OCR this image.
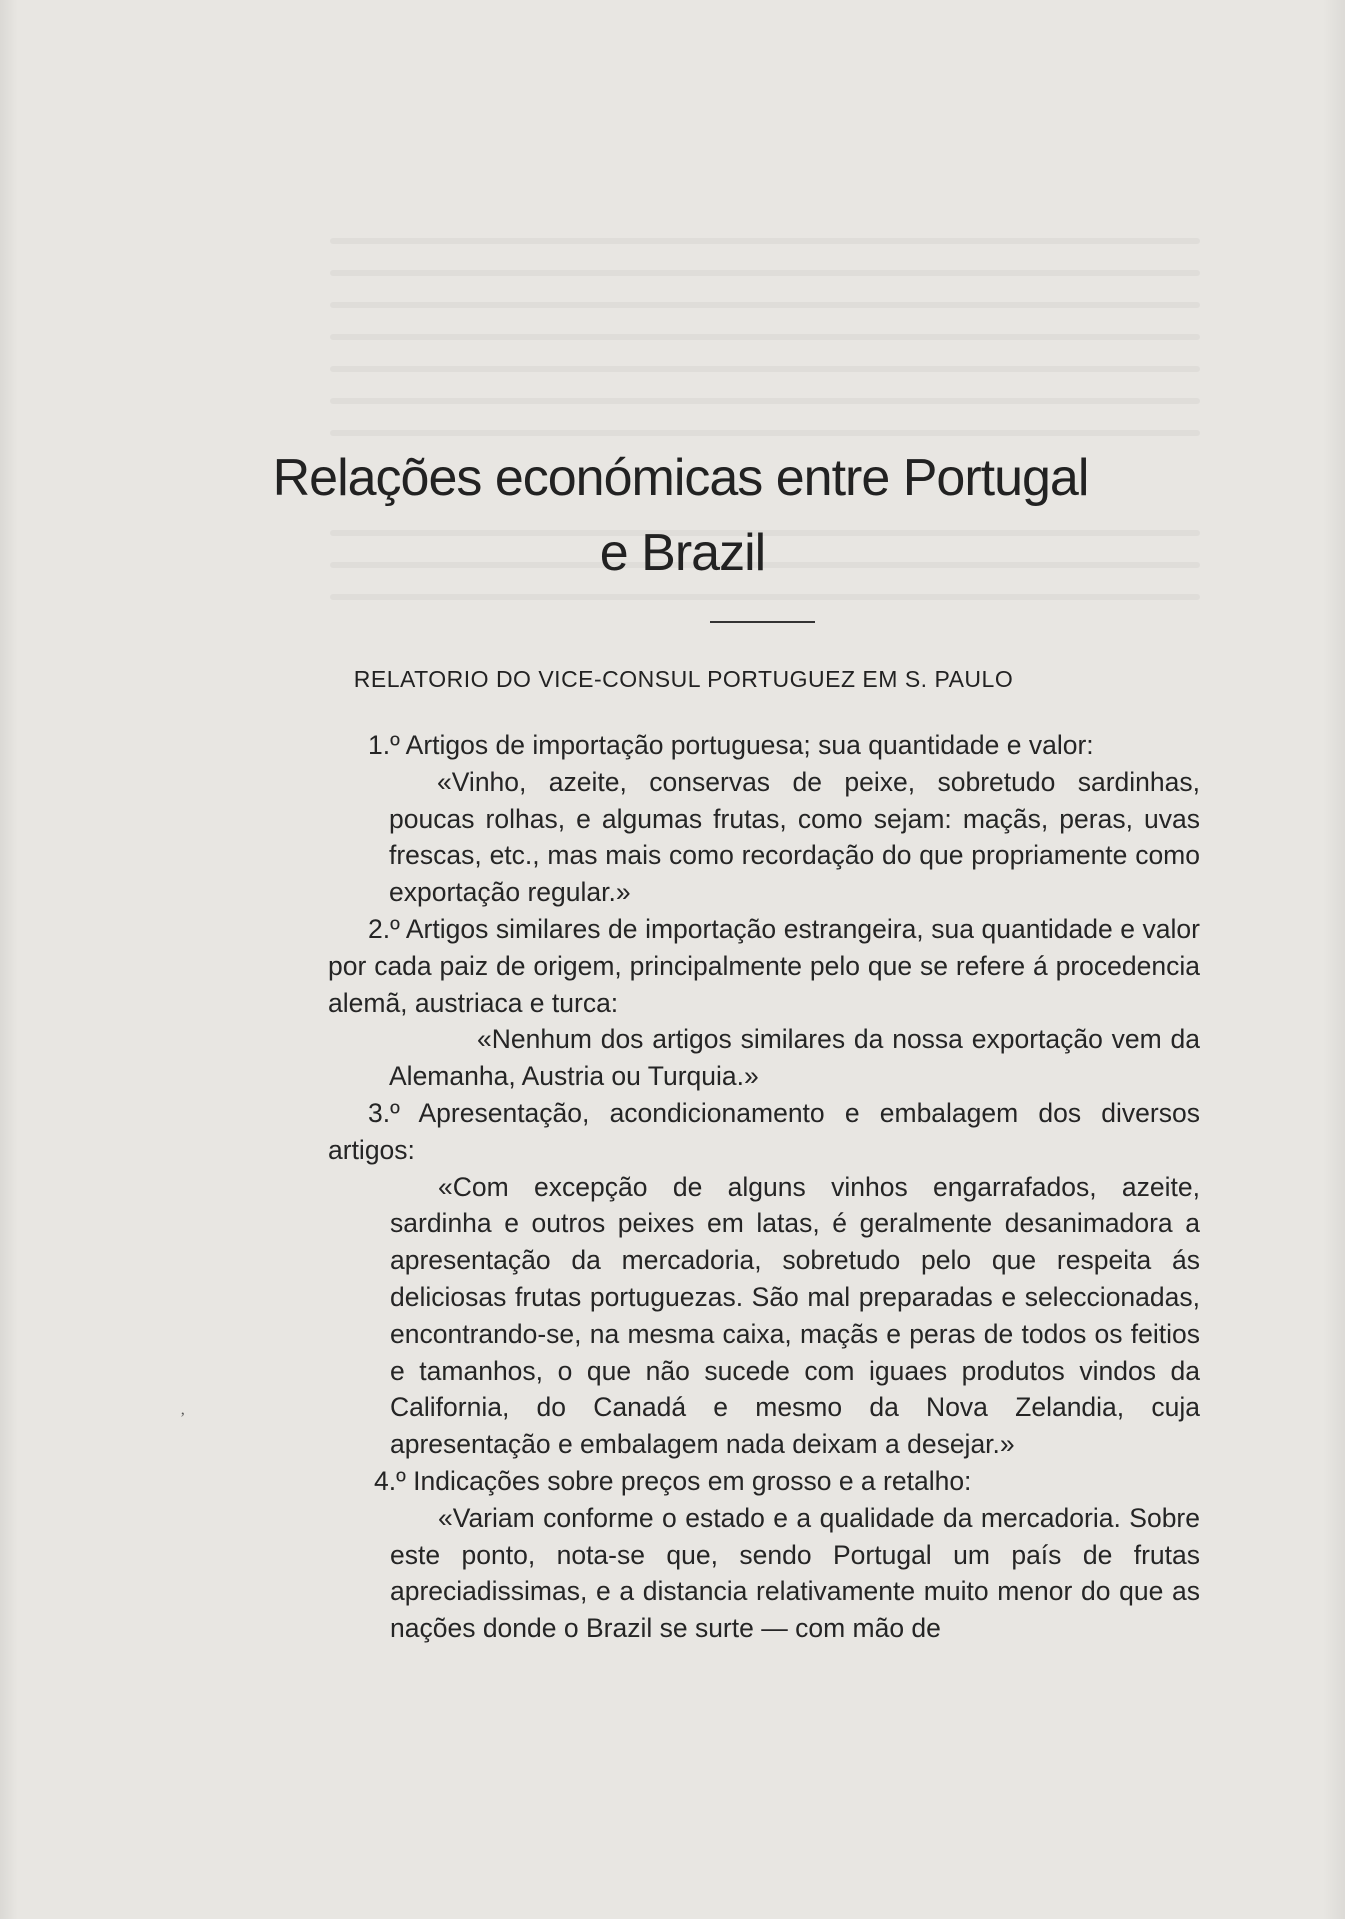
Relações económicas entre Portugal
e Brazil
RELATORIO DO VICE-CONSUL PORTUGUEZ EM S. PAULO

1.º Artigos de importação portuguesa; sua quantidade e valor:

«Vinho, azeite, conservas de peixe, sobretudo sardinhas, poucas rolhas, e algumas frutas, como sejam: maçãs, peras, uvas frescas, etc., mas mais como recordação do que propriamente como exportação regular.»

2.º Artigos similares de importação estrangeira, sua quantidade e valor por cada paiz de origem, principalmente pelo que se refere á procedencia alemã, austriaca e turca:

«Nenhum dos artigos similares da nossa exportação vem da Alemanha, Austria ou Turquia.»

3.º Apresentação, acondicionamento e embalagem dos diversos artigos:

«Com excepção de alguns vinhos engarrafados, azeite, sardinha e outros peixes em latas, é geralmente desanimadora a apresentação da mercadoria, sobretudo pelo que respeita ás deliciosas frutas portuguezas. São mal preparadas e seleccionadas, encontrando-se, na mesma caixa, maçãs e peras de todos os feitios e tamanhos, o que não sucede com iguaes produtos vindos da California, do Canadá e mesmo da Nova Zelandia, cuja apresentação e embalagem nada deixam a desejar.»

4.º Indicações sobre preços em grosso e a retalho:

«Variam conforme o estado e a qualidade da mercadoria. Sobre este ponto, nota-se que, sendo Portugal um país de frutas apreciadissimas, e a distancia relativamente muito menor do que as nações donde o Brazil se surte — com mão de

’
